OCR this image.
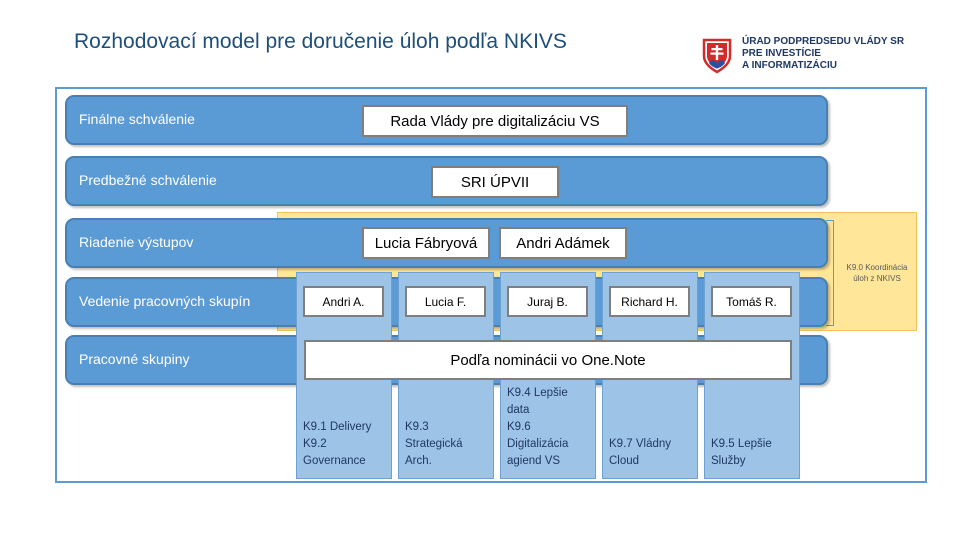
Rozhodovací model pre doručenie úloh podľa NKIVS	ÚRAD PODPREDSEDU VLÁDY SR
PRE INVESTÍCIE
A INFORMATIZÁCIU
K9.0 Koordinácia úloh z NKIVS
Finálne schválenie
Predbežné schválenie
Riadenie výstupov
Vedenie pracovných skupín
Pracovné skupiny
K9.1 Delivery
K9.2
Governance
K9.3
Strategická
Arch.
K9.4 Lepšie
data
K9.6
Digitalizácia
agiend VS
K9.7 Vládny
Cloud
K9.5 Lepšie
Služby
Rada Vlády pre digitalizáciu VS
SRI ÚPVII
Lucia Fábryová	Andri Adámek
Andri A.	Lucia F.	Juraj B.	Richard H.	Tomáš R.
Podľa nominácii vo One.Note
